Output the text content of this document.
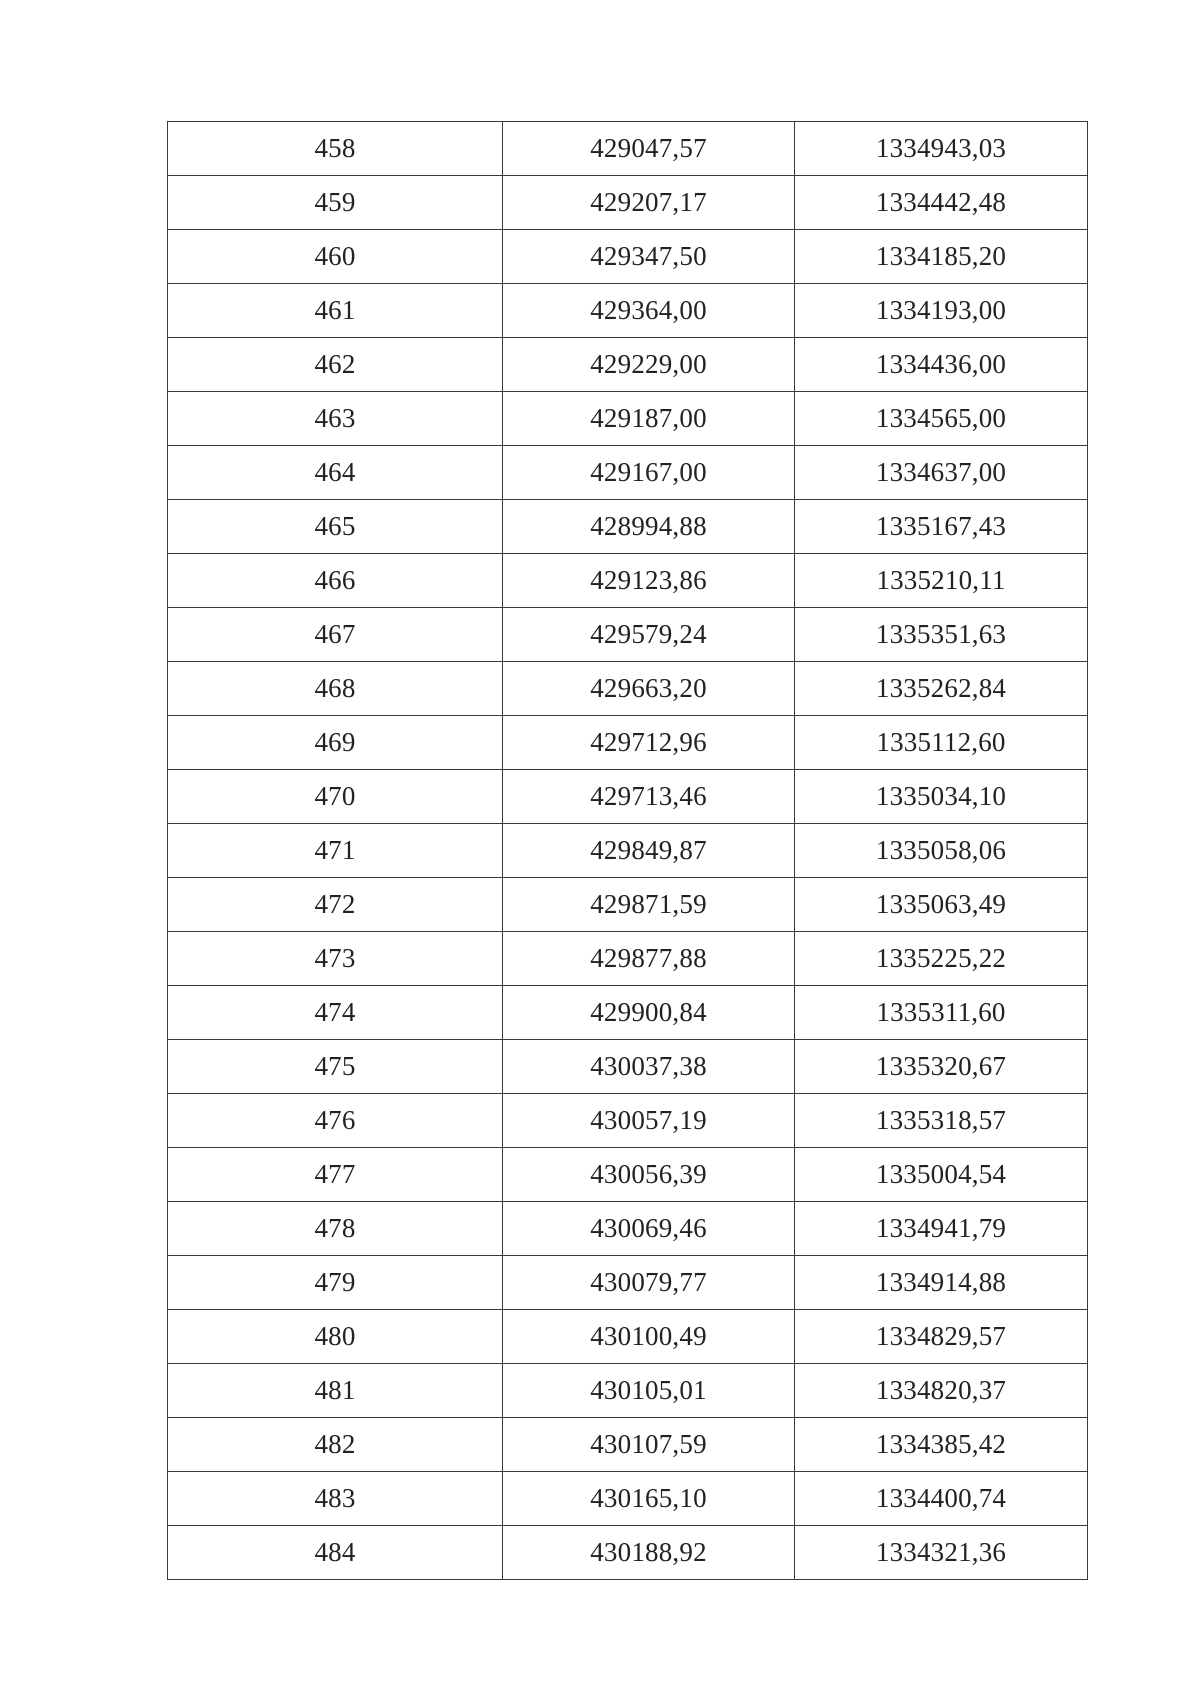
458	429047,57	1334943,03
459	429207,17	1334442,48
460	429347,50	1334185,20
461	429364,00	1334193,00
462	429229,00	1334436,00
463	429187,00	1334565,00
464	429167,00	1334637,00
465	428994,88	1335167,43
466	429123,86	1335210,11
467	429579,24	1335351,63
468	429663,20	1335262,84
469	429712,96	1335112,60
470	429713,46	1335034,10
471	429849,87	1335058,06
472	429871,59	1335063,49
473	429877,88	1335225,22
474	429900,84	1335311,60
475	430037,38	1335320,67
476	430057,19	1335318,57
477	430056,39	1335004,54
478	430069,46	1334941,79
479	430079,77	1334914,88
480	430100,49	1334829,57
481	430105,01	1334820,37
482	430107,59	1334385,42
483	430165,10	1334400,74
484	430188,92	1334321,36
